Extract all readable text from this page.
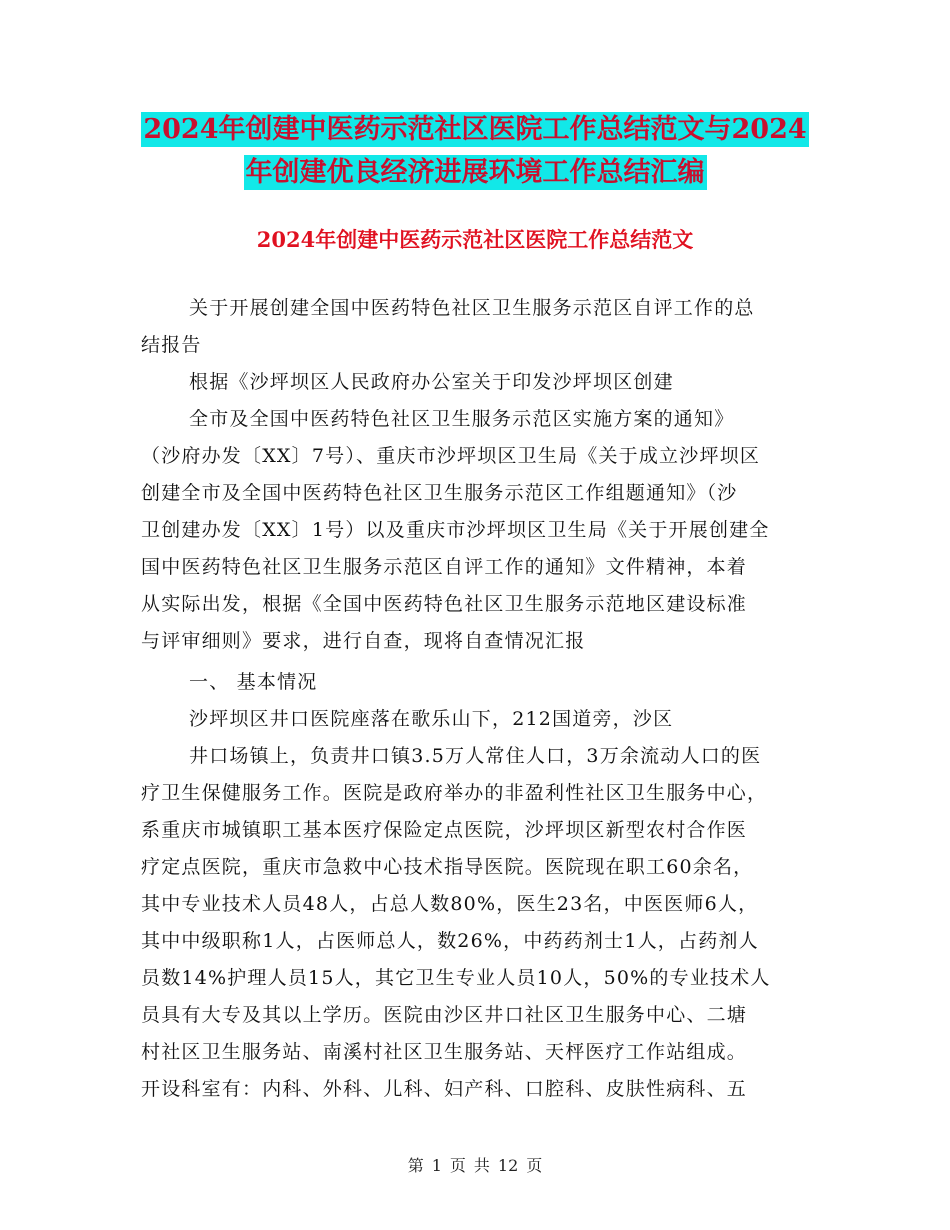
2024年创建中医药示范社区医院工作总结范文与2024
年创建优良经济进展环境工作总结汇编
2024年创建中医药示范社区医院工作总结范文

关于开展创建全国中医药特色社区卫生服务示范区自评工作的总

结报告

根据《沙坪坝区人民政府办公室关于印发沙坪坝区创建

全市及全国中医药特色社区卫生服务示范区实施方案的通知》

（沙府办发〔XX〕7号）、重庆市沙坪坝区卫生局《关于成立沙坪坝区

创建全市及全国中医药特色社区卫生服务示范区工作组题通知》（沙

卫创建办发〔XX〕1号）以及重庆市沙坪坝区卫生局《关于开展创建全

国中医药特色社区卫生服务示范区自评工作的通知》文件精神，本着

从实际出发，根据《全国中医药特色社区卫生服务示范地区建设标准

与评审细则》要求，进行自查，现将自查情况汇报

一、 基本情况

沙坪坝区井口医院座落在歌乐山下，212国道旁，沙区

井口场镇上，负责井口镇3.5万人常住人口，3万余流动人口的医

疗卫生保健服务工作。医院是政府举办的非盈利性社区卫生服务中心，

系重庆市城镇职工基本医疗保险定点医院，沙坪坝区新型农村合作医

疗定点医院，重庆市急救中心技术指导医院。医院现在职工60余名，

其中专业技术人员48人，占总人数80%，医生23名，中医医师6人，

其中中级职称1人，占医师总人，数26%，中药药剂士1人，占药剂人

员数14%护理人员15人，其它卫生专业人员10人，50%的专业技术人

员具有大专及其以上学历。医院由沙区井口社区卫生服务中心、二塘

村社区卫生服务站、南溪村社区卫生服务站、天枰医疗工作站组成。

开设科室有：内科、外科、儿科、妇产科、口腔科、皮肤性病科、五

第 1 页 共 12 页
